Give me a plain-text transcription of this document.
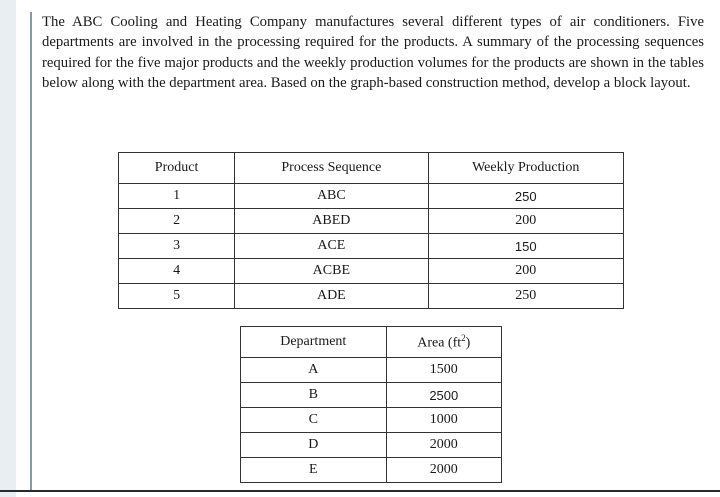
The ABC Cooling and Heating Company manufactures several different types of air conditioners. Five departments are involved in the processing required for the products. A summary of the processing sequences required for the five major products and the weekly production volumes for the products are shown in the tables below along with the department area. Based on the graph-based construction method, develop a block layout.

Product	Process Sequence	Weekly Production
1	ABC	250
2	ABED	200
3	ACE	150
4	ACBE	200
5	ADE	250
Department	Area $(ft^2)$
A	1500
B	2500
C	1000
D	2000
E	2000
